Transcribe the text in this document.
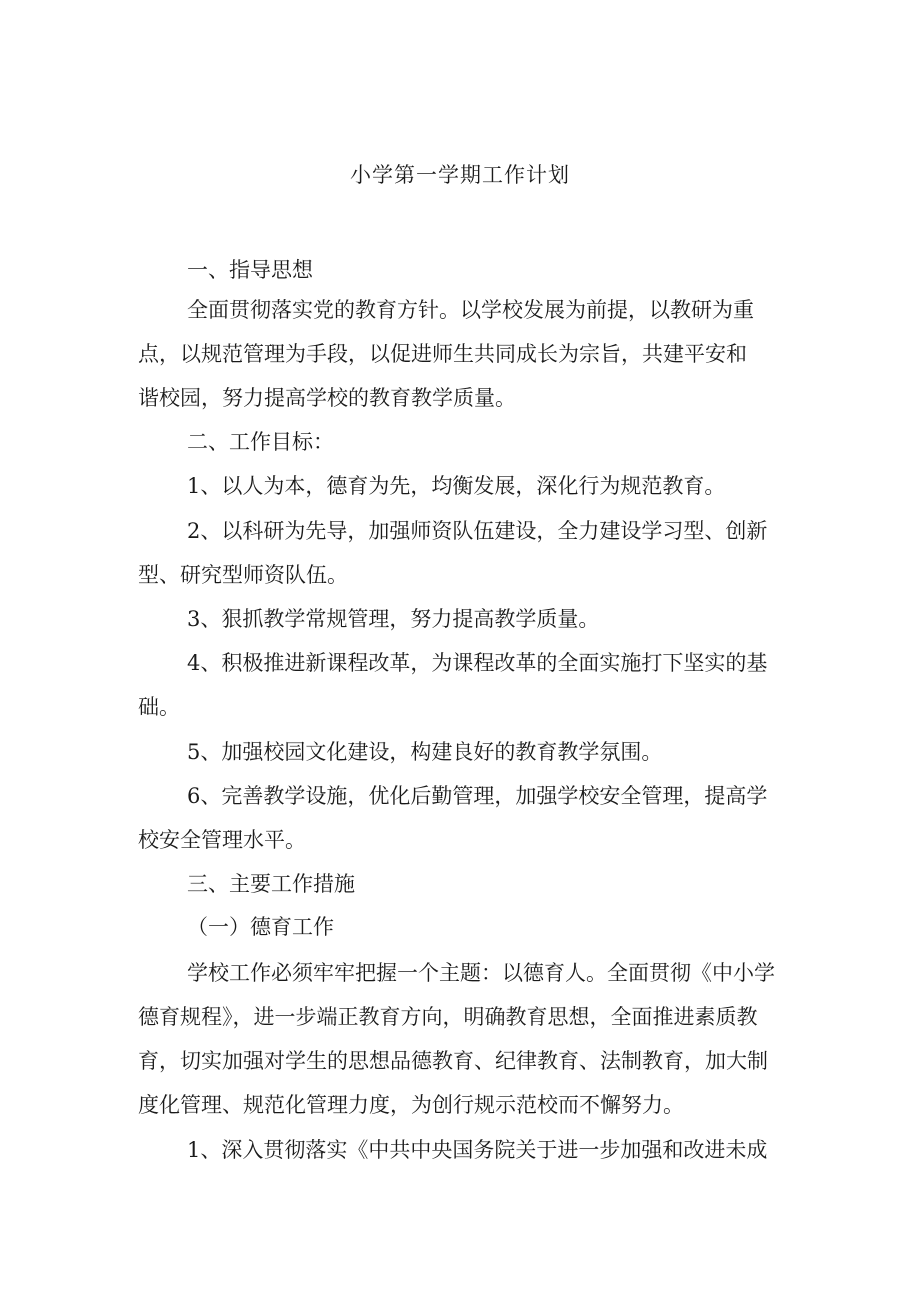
小学第一学期工作计划
一、指导思想
全面贯彻落实党的教育方针。以学校发展为前提，以教研为重
点，以规范管理为手段，以促进师生共同成长为宗旨，共建平安和
谐校园，努力提高学校的教育教学质量。
二、工作目标：
1、以人为本，德育为先，均衡发展，深化行为规范教育。
2、以科研为先导，加强师资队伍建设，全力建设学习型、创新
型、研究型师资队伍。
3、狠抓教学常规管理，努力提高教学质量。
4、积极推进新课程改革，为课程改革的全面实施打下坚实的基
础。
5、加强校园文化建设，构建良好的教育教学氛围。
6、完善教学设施，优化后勤管理，加强学校安全管理，提高学
校安全管理水平。
三、主要工作措施
（一）德育工作
学校工作必须牢牢把握一个主题：以德育人。全面贯彻《中小学
德育规程》，进一步端正教育方向，明确教育思想，全面推进素质教
育，切实加强对学生的思想品德教育、纪律教育、法制教育，加大制
度化管理、规范化管理力度，为创行规示范校而不懈努力。
1、深入贯彻落实《中共中央国务院关于进一步加强和改进未成
